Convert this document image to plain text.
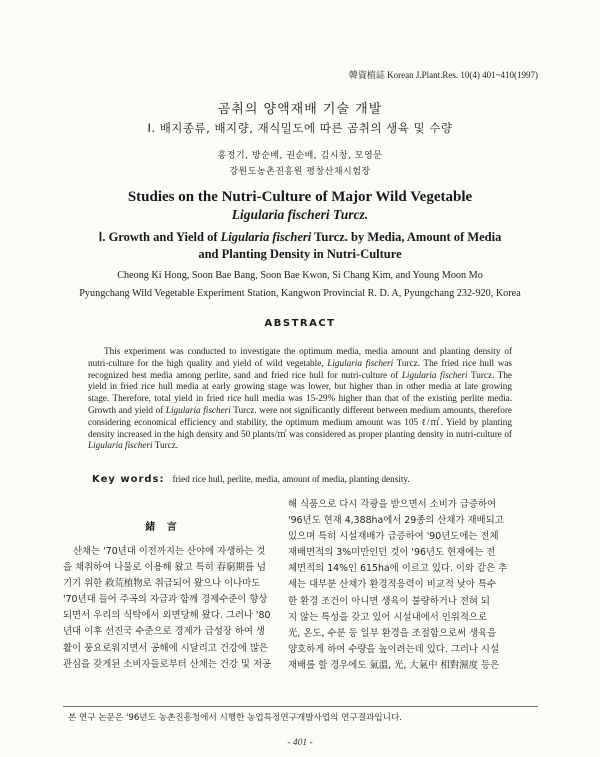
韓資植誌 Korean J.Plant.Res. 10(4) 401~410(1997)
곰취의 양액재배 기술 개발
Ⅰ. 배지종류, 배지량, 재식밀도에 따른 곰취의 생육 및 수량
홍정기, 방순배, 권순배, 김시창, 모영문
강원도농촌진흥원 평창산채시험장
Studies on the Nutri-Culture of Major Wild Vegetable
Ligularia fischeri Turcz.
Ⅰ. Growth and Yield of Ligularia fischeri Turcz. by Media, Amount of Media
and Planting Density in Nutri-Culture
Cheong Ki Hong, Soon Bae Bang, Soon Bae Kwon, Si Chang Kim, and Young Moon Mo
Pyungchang Wild Vegetable Experiment Station, Kangwon Provincial R. D. A, Pyungchang 232-920, Korea
ABSTRACT

This experiment was conducted to investigate the optimum media, media amount and planting density of nutri-culture for the high quality and yield of wild vegetable, Ligularia fischeri Turcz. The fried rice hull was recognized best media among perlite, sand and fried rice hull for nutri-culture of Ligularia fischeri Turcz. The yield in fried rice hull media at early growing stage was lower, but higher than in other media at late growing stage. Therefore, total yield in fried rice hull media was 15-29% higher than that of the existing perlite media. Growth and yield of Ligularia fischeri Turcz. were not significantly different between medium amounts, therefore considering economical efficiency and stability, the optimum medium amount was 105 ℓ/㎡. Yield by planting density increased in the high density and 50 plants/㎡ was considered as proper planting density in nutri-culture of Ligularia fischeri Turcz.

Key words: fried rice hull, perlite, media, amount of media, planting density.
緒 言
산채는 '70년대 이전까지는 산야에 자생하는 것
을 채취하여 나물로 이용해 왔고 특히 春窮期를 넘
기기 위한 救荒植物로 취급되어 왔으나 이나마도
'70년대 들어 주곡의 자급과 함께 경제수준이 향상
되면서 우리의 식탁에서 외면당해 왔다. 그러나 '80
년대 이후 선진국 수준으로 경제가 급성장 하여 생
활이 풍요로워지면서 공해에 시달리고 건강에 많은
관심을 갖게된 소비자들로부터 산채는 건강 및 저공
해 식품으로 다시 각광을 받으면서 소비가 급증하여
'96년도 현재 4,388ha에서 29종의 산채가 재배되고
있으며 특히 시설재배가 급증하여 '90년도에는 전체
재배면적의 3%미만인던 것이 '96년도 현재에는 전
체면적의 14%인 615ha에 이르고 있다. 이와 같은 추
세는 대부분 산채가 환경적응력이 비교적 낮아 특수
한 환경 조건이 아니면 생육이 불량하거나 전혀 되
지 않는 특성을 갖고 있어 시설내에서 인위적으로
光, 온도, 수분 등 일부 환경을 조절함으로써 생육을
양호하게 하여 수량을 높이려는데 있다. 그러나 시설
재배를 할 경우에도 氣溫, 光, 大氣中 相對濕度 등은
본 연구 논문은 '96년도 농촌진흥청에서 시행한 농업특정연구개발사업의 연구결과입니다.
- 401 -
